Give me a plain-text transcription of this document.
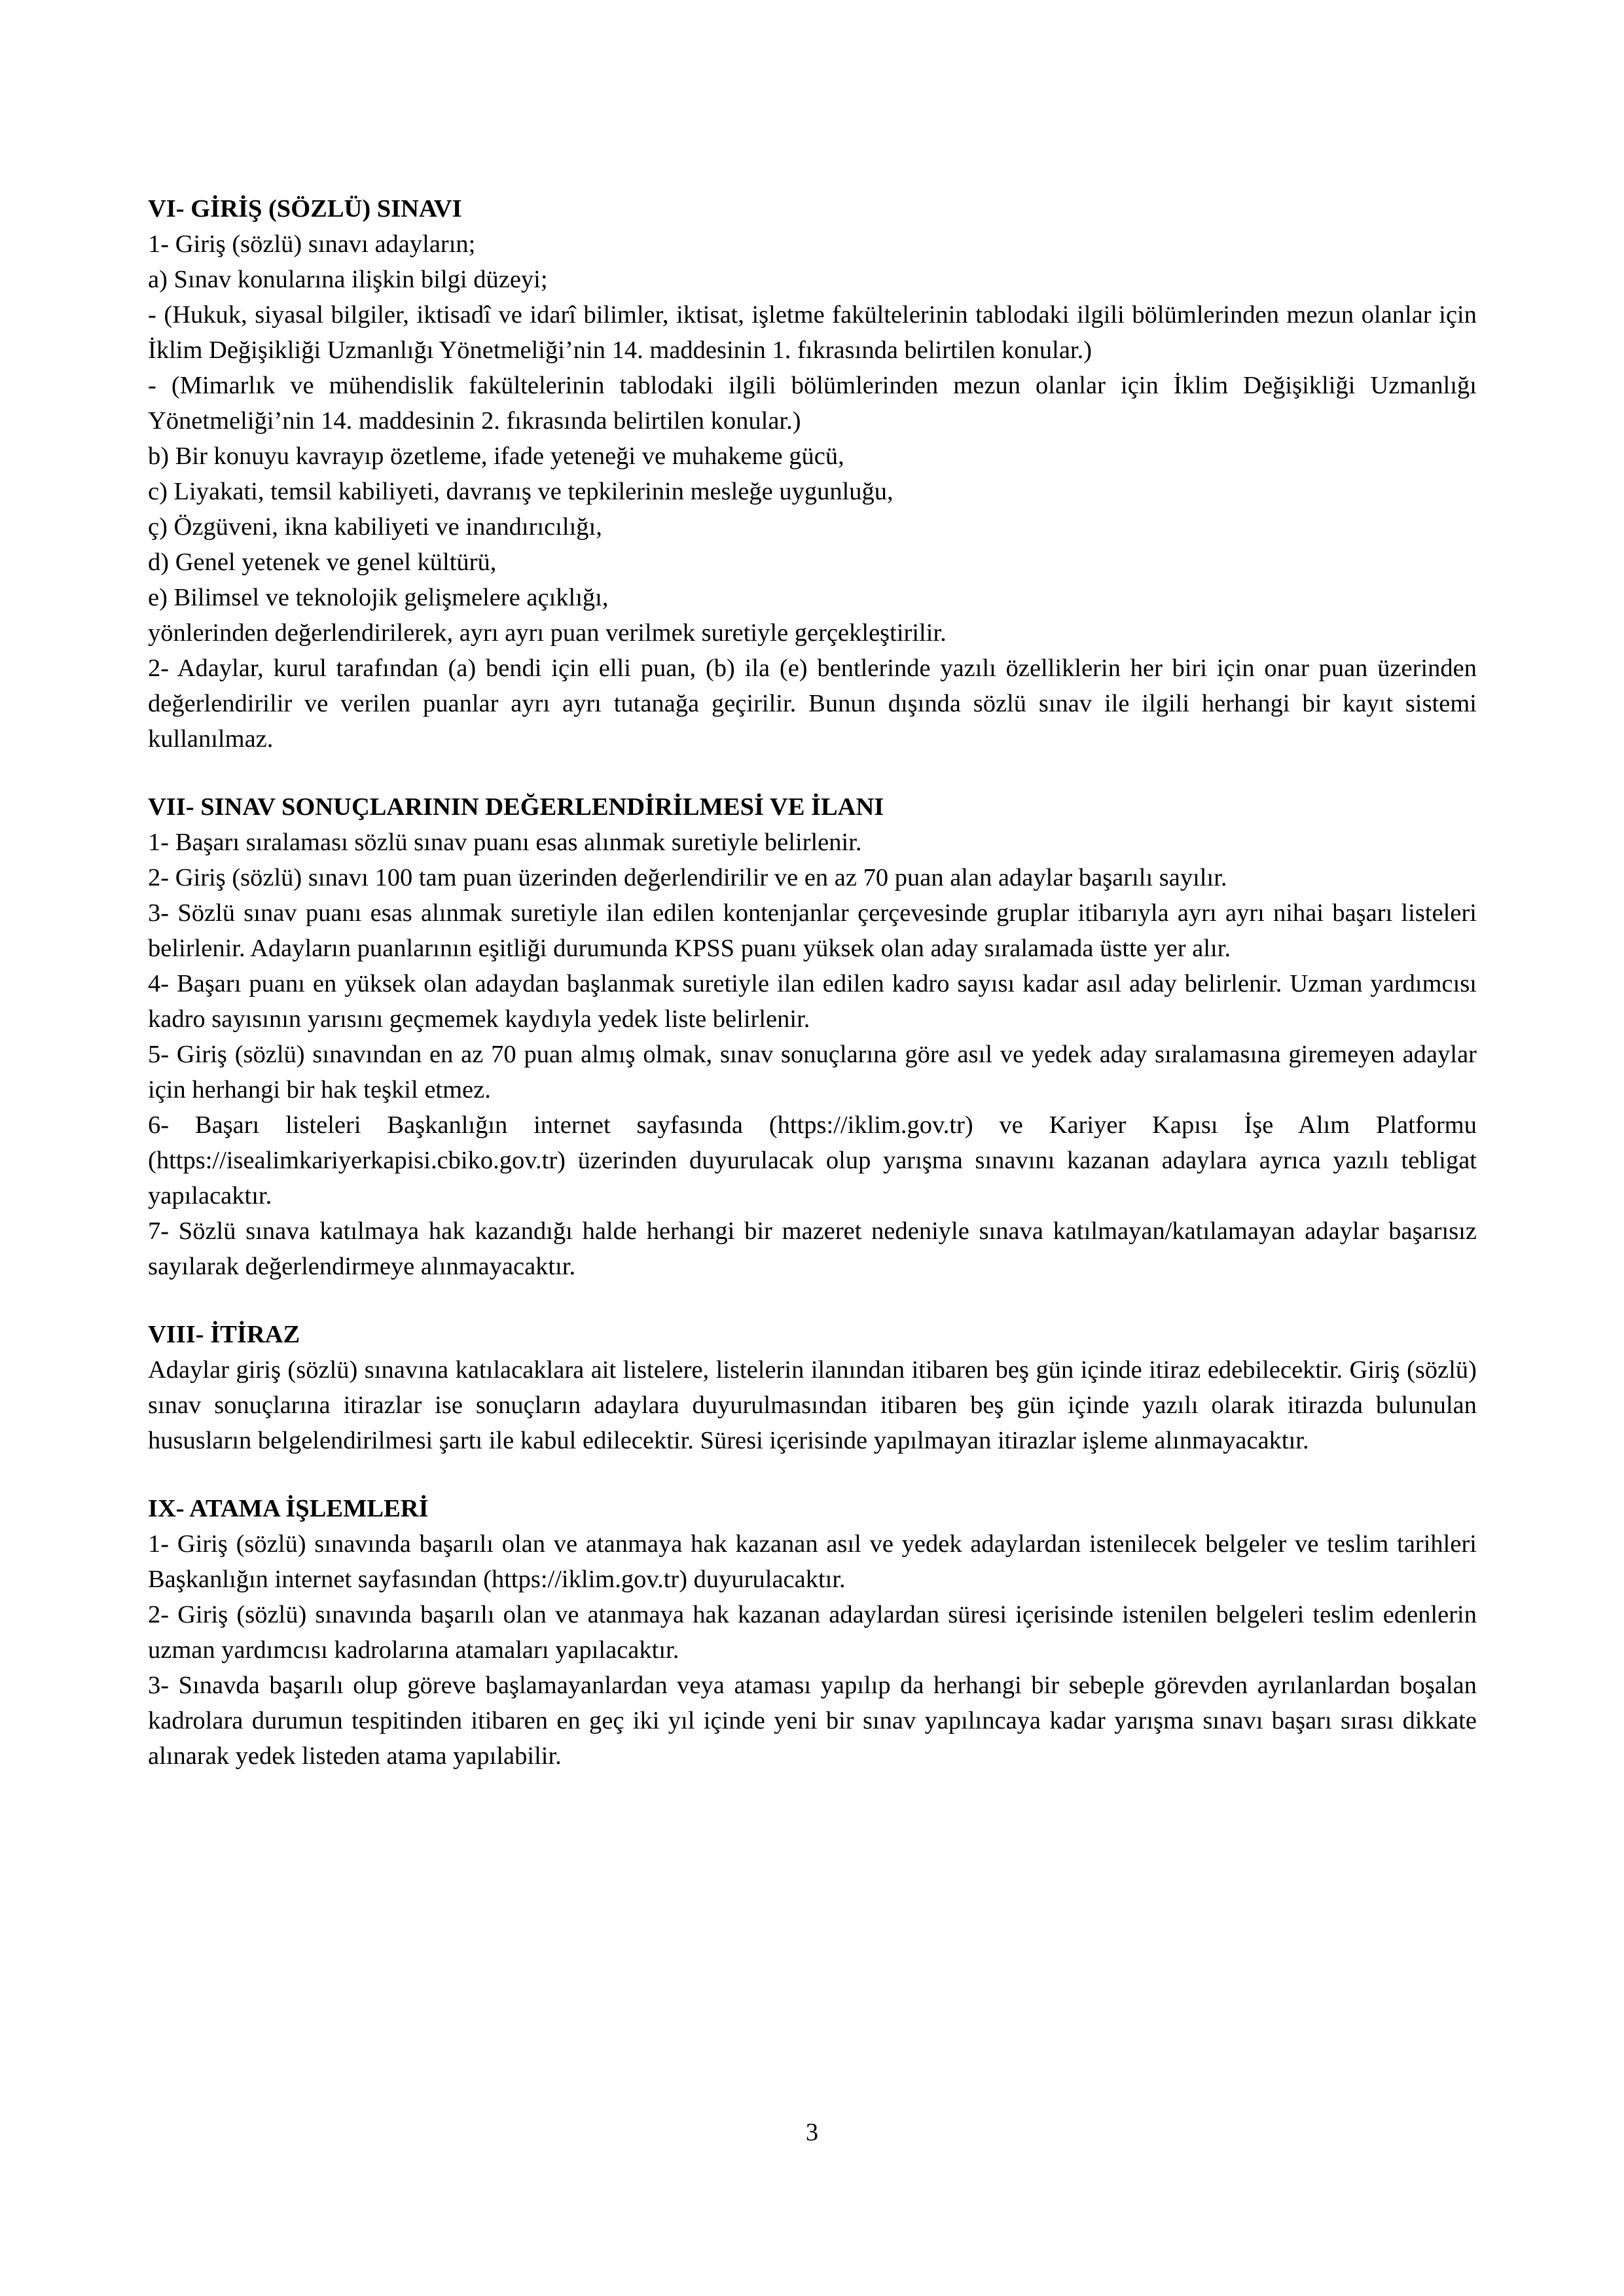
VI- GİRİŞ (SÖZLÜ) SINAVI

1- Giriş (sözlü) sınavı adayların;

a) Sınav konularına ilişkin bilgi düzeyi;

- (Hukuk, siyasal bilgiler, iktisadî ve idarî bilimler, iktisat, işletme fakültelerinin tablodaki ilgili bölümlerinden mezun olanlar için İklim Değişikliği Uzmanlığı Yönetmeliği’nin 14. maddesinin 1. fıkrasında belirtilen konular.)

- (Mimarlık ve mühendislik fakültelerinin tablodaki ilgili bölümlerinden mezun olanlar için İklim Değişikliği Uzmanlığı Yönetmeliği’nin 14. maddesinin 2. fıkrasında belirtilen konular.)

b) Bir konuyu kavrayıp özetleme, ifade yeteneği ve muhakeme gücü,

c) Liyakati, temsil kabiliyeti, davranış ve tepkilerinin mesleğe uygunluğu,

ç) Özgüveni, ikna kabiliyeti ve inandırıcılığı,

d) Genel yetenek ve genel kültürü,

e) Bilimsel ve teknolojik gelişmelere açıklığı,

yönlerinden değerlendirilerek, ayrı ayrı puan verilmek suretiyle gerçekleştirilir.

2- Adaylar, kurul tarafından (a) bendi için elli puan, (b) ila (e) bentlerinde yazılı özelliklerin her biri için onar puan üzerinden değerlendirilir ve verilen puanlar ayrı ayrı tutanağa geçirilir. Bunun dışında sözlü sınav ile ilgili herhangi bir kayıt sistemi kullanılmaz.

VII- SINAV SONUÇLARININ DEĞERLENDİRİLMESİ VE İLANI

1- Başarı sıralaması sözlü sınav puanı esas alınmak suretiyle belirlenir.

2- Giriş (sözlü) sınavı 100 tam puan üzerinden değerlendirilir ve en az 70 puan alan adaylar başarılı sayılır.

3- Sözlü sınav puanı esas alınmak suretiyle ilan edilen kontenjanlar çerçevesinde gruplar itibarıyla ayrı ayrı nihai başarı listeleri belirlenir. Adayların puanlarının eşitliği durumunda KPSS puanı yüksek olan aday sıralamada üstte yer alır.

4- Başarı puanı en yüksek olan adaydan başlanmak suretiyle ilan edilen kadro sayısı kadar asıl aday belirlenir. Uzman yardımcısı kadro sayısının yarısını geçmemek kaydıyla yedek liste belirlenir.

5- Giriş (sözlü) sınavından en az 70 puan almış olmak, sınav sonuçlarına göre asıl ve yedek aday sıralamasına giremeyen adaylar için herhangi bir hak teşkil etmez.

6- Başarı listeleri Başkanlığın internet sayfasında (https://iklim.gov.tr) ve Kariyer Kapısı İşe Alım Platformu (https://isealimkariyerkapisi.cbiko.gov.tr) üzerinden duyurulacak olup yarışma sınavını kazanan adaylara ayrıca yazılı tebligat yapılacaktır.

7- Sözlü sınava katılmaya hak kazandığı halde herhangi bir mazeret nedeniyle sınava katılmayan/katılamayan adaylar başarısız sayılarak değerlendirmeye alınmayacaktır.

VIII- İTİRAZ

Adaylar giriş (sözlü) sınavına katılacaklara ait listelere, listelerin ilanından itibaren beş gün içinde itiraz edebilecektir. Giriş (sözlü) sınav sonuçlarına itirazlar ise sonuçların adaylara duyurulmasından itibaren beş gün içinde yazılı olarak itirazda bulunulan hususların belgelendirilmesi şartı ile kabul edilecektir. Süresi içerisinde yapılmayan itirazlar işleme alınmayacaktır.

IX- ATAMA İŞLEMLERİ

1- Giriş (sözlü) sınavında başarılı olan ve atanmaya hak kazanan asıl ve yedek adaylardan istenilecek belgeler ve teslim tarihleri Başkanlığın internet sayfasından (https://iklim.gov.tr) duyurulacaktır.

2- Giriş (sözlü) sınavında başarılı olan ve atanmaya hak kazanan adaylardan süresi içerisinde istenilen belgeleri teslim edenlerin uzman yardımcısı kadrolarına atamaları yapılacaktır.

3- Sınavda başarılı olup göreve başlamayanlardan veya ataması yapılıp da herhangi bir sebeple görevden ayrılanlardan boşalan kadrolara durumun tespitinden itibaren en geç iki yıl içinde yeni bir sınav yapılıncaya kadar yarışma sınavı başarı sırası dikkate alınarak yedek listeden atama yapılabilir.

3
